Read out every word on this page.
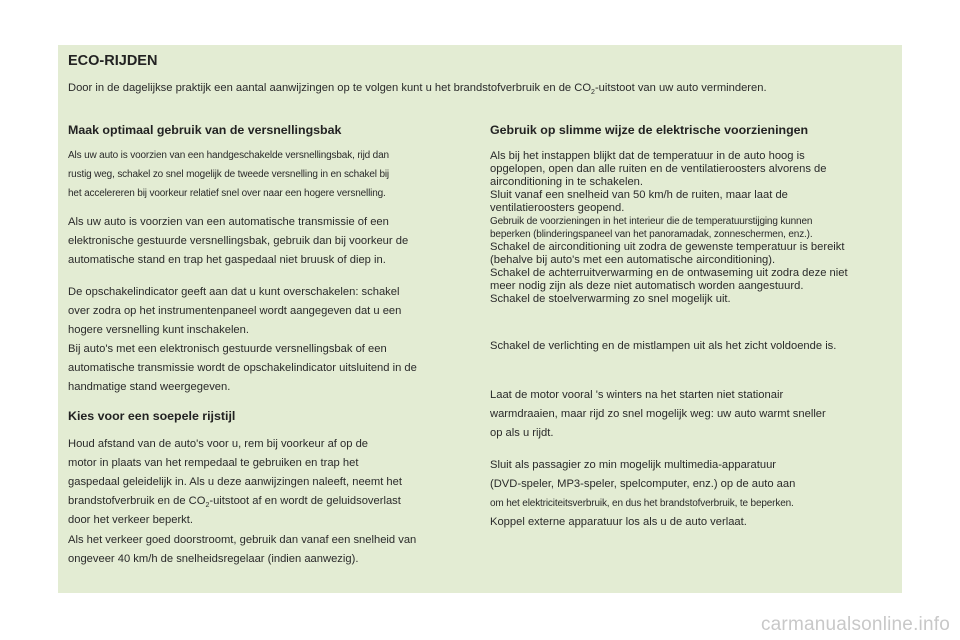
ECO-RIJDEN

Door in de dagelijkse praktijk een aantal aanwijzingen op te volgen kunt u het brandstofverbruik en de $CO_2$-uitstoot van uw auto verminderen.

Maak optimaal gebruik van de versnellingsbak
Als uw auto is voorzien van een handgeschakelde versnellingsbak, rijd dan
rustig weg, schakel zo snel mogelijk de tweede versnelling in en schakel bij
het accelereren bij voorkeur relatief snel over naar een hogere versnelling.
Als uw auto is voorzien van een automatische transmissie of een
elektronische gestuurde versnellingsbak, gebruik dan bij voorkeur de
automatische stand en trap het gaspedaal niet bruusk of diep in.
De opschakelindicator geeft aan dat u kunt overschakelen: schakel
over zodra op het instrumentenpaneel wordt aangegeven dat u een
hogere versnelling kunt inschakelen.
Bij auto's met een elektronisch gestuurde versnellingsbak of een
automatische transmissie wordt de opschakelindicator uitsluitend in de
handmatige stand weergegeven.
Kies voor een soepele rijstijl
Houd afstand van de auto's voor u, rem bij voorkeur af op de
motor in plaats van het rempedaal te gebruiken en trap het
gaspedaal geleidelijk in. Als u deze aanwijzingen naleeft, neemt het
brandstofverbruik en de $CO_2$-uitstoot af en wordt de geluidsoverlast
door het verkeer beperkt.
Als het verkeer goed doorstroomt, gebruik dan vanaf een snelheid van
ongeveer 40 km/h de snelheidsregelaar (indien aanwezig).
Gebruik op slimme wijze de elektrische voorzieningen
Als bij het instappen blijkt dat de temperatuur in de auto hoog is
opgelopen, open dan alle ruiten en de ventilatieroosters alvorens de
airconditioning in te schakelen.
Sluit vanaf een snelheid van 50 km/h de ruiten, maar laat de
ventilatieroosters geopend.
Gebruik de voorzieningen in het interieur die de temperatuurstijging kunnen
beperken (blinderingspaneel van het panoramadak, zonneschermen, enz.).
Schakel de airconditioning uit zodra de gewenste temperatuur is bereikt
(behalve bij auto's met een automatische airconditioning).
Schakel de achterruitverwarming en de ontwaseming uit zodra deze niet
meer nodig zijn als deze niet automatisch worden aangestuurd.
Schakel de stoelverwarming zo snel mogelijk uit.
Schakel de verlichting en de mistlampen uit als het zicht voldoende is.
Laat de motor vooral 's winters na het starten niet stationair
warmdraaien, maar rijd zo snel mogelijk weg: uw auto warmt sneller
op als u rijdt.
Sluit als passagier zo min mogelijk multimedia-apparatuur
(DVD-speler, MP3-speler, spelcomputer, enz.) op de auto aan
om het elektriciteitsverbruik, en dus het brandstofverbruik, te beperken.
Koppel externe apparatuur los als u de auto verlaat.
carmanualsonline.info
